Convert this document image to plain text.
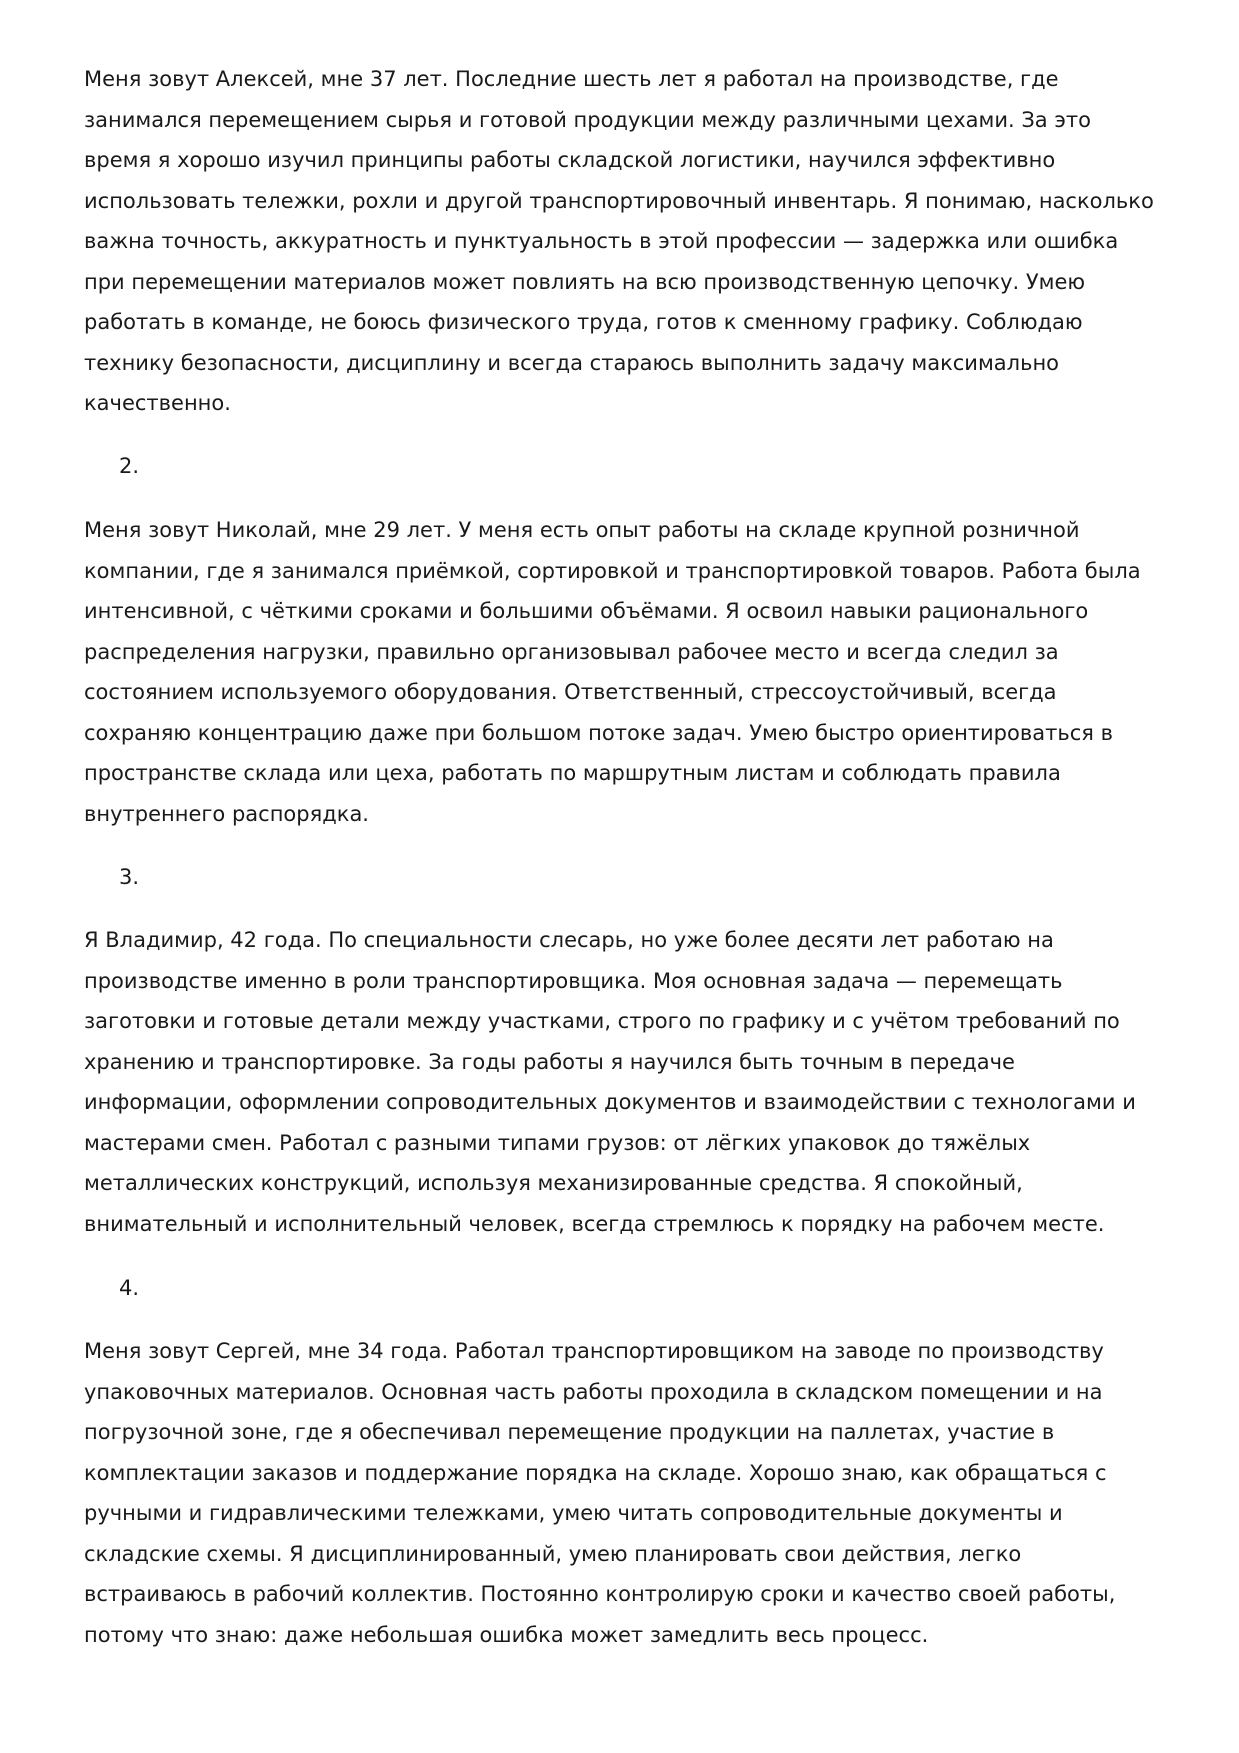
Меня зовут Алексей, мне 37 лет. Последние шесть лет я работал на производстве, где занимался перемещением сырья и готовой продукции между различными цехами. За это время я хорошо изучил принципы работы складской логистики, научился эффективно использовать тележки, рохли и другой транспортировочный инвентарь. Я понимаю, насколько важна точность, аккуратность и пунктуальность в этой профессии — задержка или ошибка при перемещении материалов может повлиять на всю производственную цепочку. Умею работать в команде, не боюсь физического труда, готов к сменному графику. Соблюдаю технику безопасности, дисциплину и всегда стараюсь выполнить задачу максимально качественно.

2.

Меня зовут Николай, мне 29 лет. У меня есть опыт работы на складе крупной розничной компании, где я занимался приёмкой, сортировкой и транспортировкой товаров. Работа была интенсивной, с чёткими сроками и большими объёмами. Я освоил навыки рационального распределения нагрузки, правильно организовывал рабочее место и всегда следил за состоянием используемого оборудования. Ответственный, стрессоустойчивый, всегда сохраняю концентрацию даже при большом потоке задач. Умею быстро ориентироваться в пространстве склада или цеха, работать по маршрутным листам и соблюдать правила внутреннего распорядка.

3.

Я Владимир, 42 года. По специальности слесарь, но уже более десяти лет работаю на производстве именно в роли транспортировщика. Моя основная задача — перемещать заготовки и готовые детали между участками, строго по графику и с учётом требований по хранению и транспортировке. За годы работы я научился быть точным в передаче информации, оформлении сопроводительных документов и взаимодействии с технологами и мастерами смен. Работал с разными типами грузов: от лёгких упаковок до тяжёлых металлических конструкций, используя механизированные средства. Я спокойный, внимательный и исполнительный человек, всегда стремлюсь к порядку на рабочем месте.

4.

Меня зовут Сергей, мне 34 года. Работал транспортировщиком на заводе по производству упаковочных материалов. Основная часть работы проходила в складском помещении и на погрузочной зоне, где я обеспечивал перемещение продукции на паллетах, участие в комплектации заказов и поддержание порядка на складе. Хорошо знаю, как обращаться с ручными и гидравлическими тележками, умею читать сопроводительные документы и складские схемы. Я дисциплинированный, умею планировать свои действия, легко встраиваюсь в рабочий коллектив. Постоянно контролирую сроки и качество своей работы, потому что знаю: даже небольшая ошибка может замедлить весь процесс.
